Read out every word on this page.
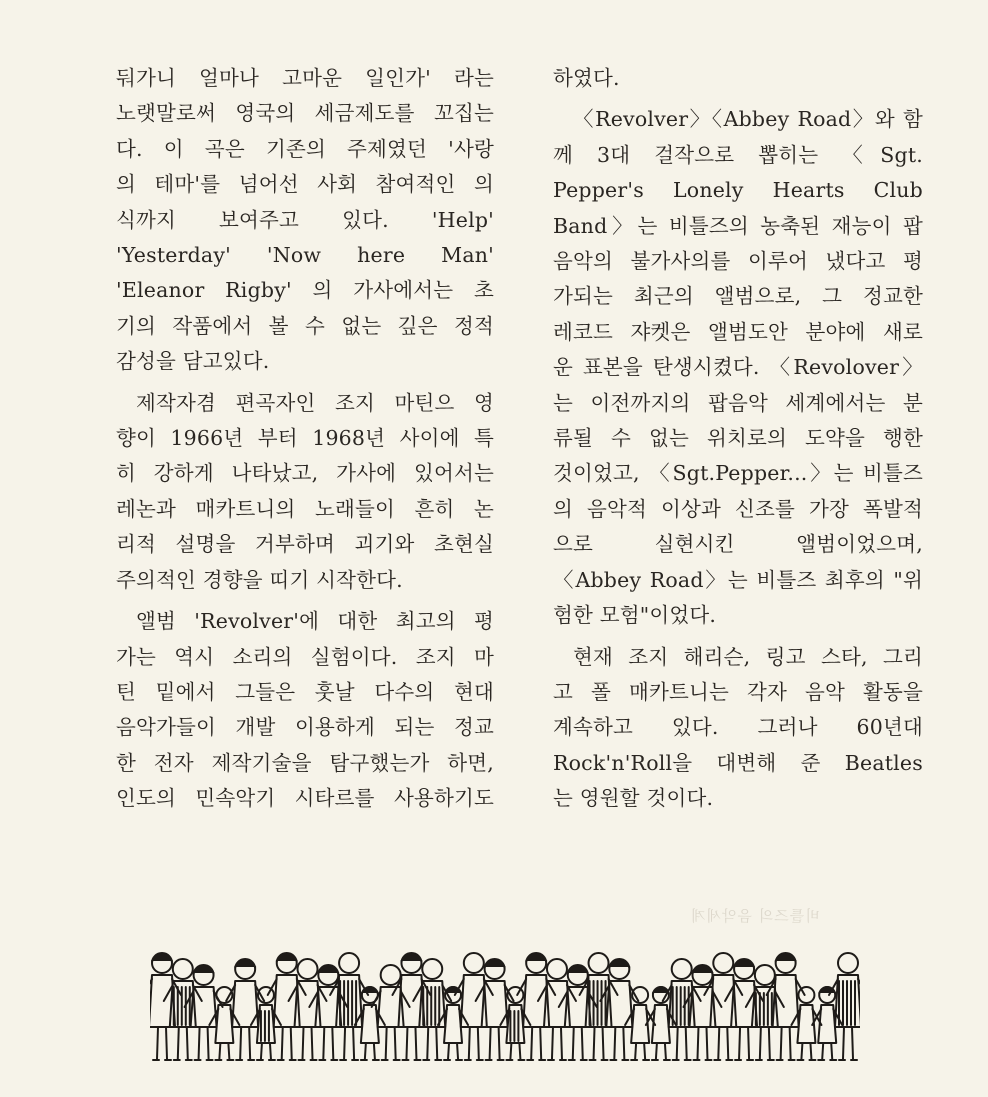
둬가니 얼마나 고마운 일인가' 라는
노랫말로써 영국의 세금제도를 꼬집는
다. 이 곡은 기존의 주제였던 '사랑
의 테마'를 넘어선 사회 참여적인 의
식까지 보여주고 있다. 'Help'
'Yesterday' 'Now here Man'
'Eleanor Rigby' 의 가사에서는 초
기의 작품에서 볼 수 없는 깊은 정적
감성을 담고있다.
제작자겸 편곡자인 조지 마틴으 영
향이 1966년 부터 1968년 사이에 특
히 강하게 나타났고, 가사에 있어서는
레논과 매카트니의 노래들이 흔히 논
리적 설명을 거부하며 괴기와 초현실
주의적인 경향을 띠기 시작한다.
앨범 'Revolver'에 대한 최고의 평
가는 역시 소리의 실험이다. 조지 마
틴 밑에서 그들은 훗날 다수의 현대
음악가들이 개발 이용하게 되는 정교
한 전자 제작기술을 탐구했는가 하면,
인도의 민속악기 시타르를 사용하기도
하였다.
〈Revolver〉〈Abbey Road〉와 함
께 3대 걸작으로 뽑히는 〈Sgt.
Pepper's Lonely Hearts Club
Band〉는 비틀즈의 농축된 재능이 팝
음악의 불가사의를 이루어 냈다고 평
가되는 최근의 앨범으로, 그 정교한
레코드 쟈켓은 앨범도안 분야에 새로
운 표본을 탄생시켰다. 〈Revolover〉
는 이전까지의 팝음악 세계에서는 분
류될 수 없는 위치로의 도약을 행한
것이었고, 〈Sgt.Pepper...〉는 비틀즈
의 음악적 이상과 신조를 가장 폭발적
으로 실현시킨 앨범이었으며,
〈Abbey Road〉는 비틀즈 최후의 "위
험한 모험"이었다.
현재 조지 해리슨, 링고 스타, 그리
고 폴 매카트니는 각자 음악 활동을
계속하고 있다. 그러나 60년대
Rock'n'Roll을 대변해 준 Beatles
는 영원할 것이다.
비틀즈의 음악세계
